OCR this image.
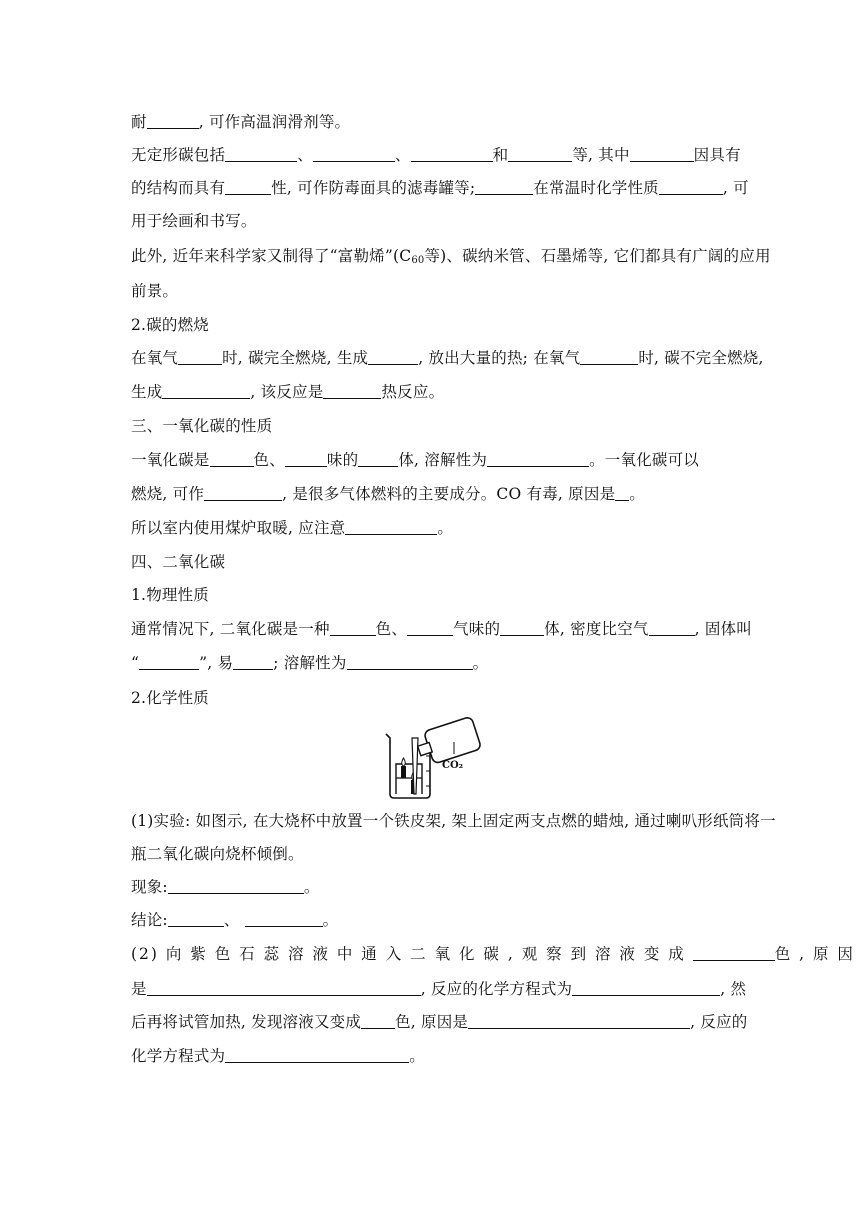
耐	, 可作高温润滑剂等。
无定形碳包括	、	、	和	等, 其中	因具有
的结构而具有	性, 可作防毒面具的滤毒罐等;	在常温时化学性质	, 可
用于绘画和书写。
此外, 近年来科学家又制得了“富勒烯$”(C_{60}$等)、碳纳米管、石墨烯等, 它们都具有广阔的应用
前景。
2.碳的燃烧
在氧气	时, 碳完全燃烧, 生成	, 放出大量的热; 在氧气	时, 碳不完全燃烧,
生成	, 该反应是	热反应。
三、一氧化碳的性质
一氧化碳是	色、	味的	体, 溶解性为	。一氧化碳可以
燃烧, 可作	, 是很多气体燃料的主要成分。CO 有毒, 原因是 。
所以室内使用煤炉取暖, 应注意	。
四、二氧化碳
1.物理性质
通常情况下, 二氧化碳是一种	色、	气味的	体, 密度比空气	, 固体叫
“	”, 易	; 溶解性为	。
2.化学性质
(1)实验: 如图示, 在大烧杯中放置一个铁皮架, 架上固定两支点燃的蜡烛, 通过喇叭形纸筒将一
瓶二氧化碳向烧杯倾倒。
现象:	。
结论:	、	。
(2) 向 紫 色 石 蕊 溶 液 中 通 入 二 氧 化 碳 , 观 察 到 溶 液 变 成	色 , 原 因
是	, 反应的化学方程式为	, 然
后再将试管加热, 发现溶液又变成 色, 原因是	, 反应的
化学方程式为	。
CO₂
